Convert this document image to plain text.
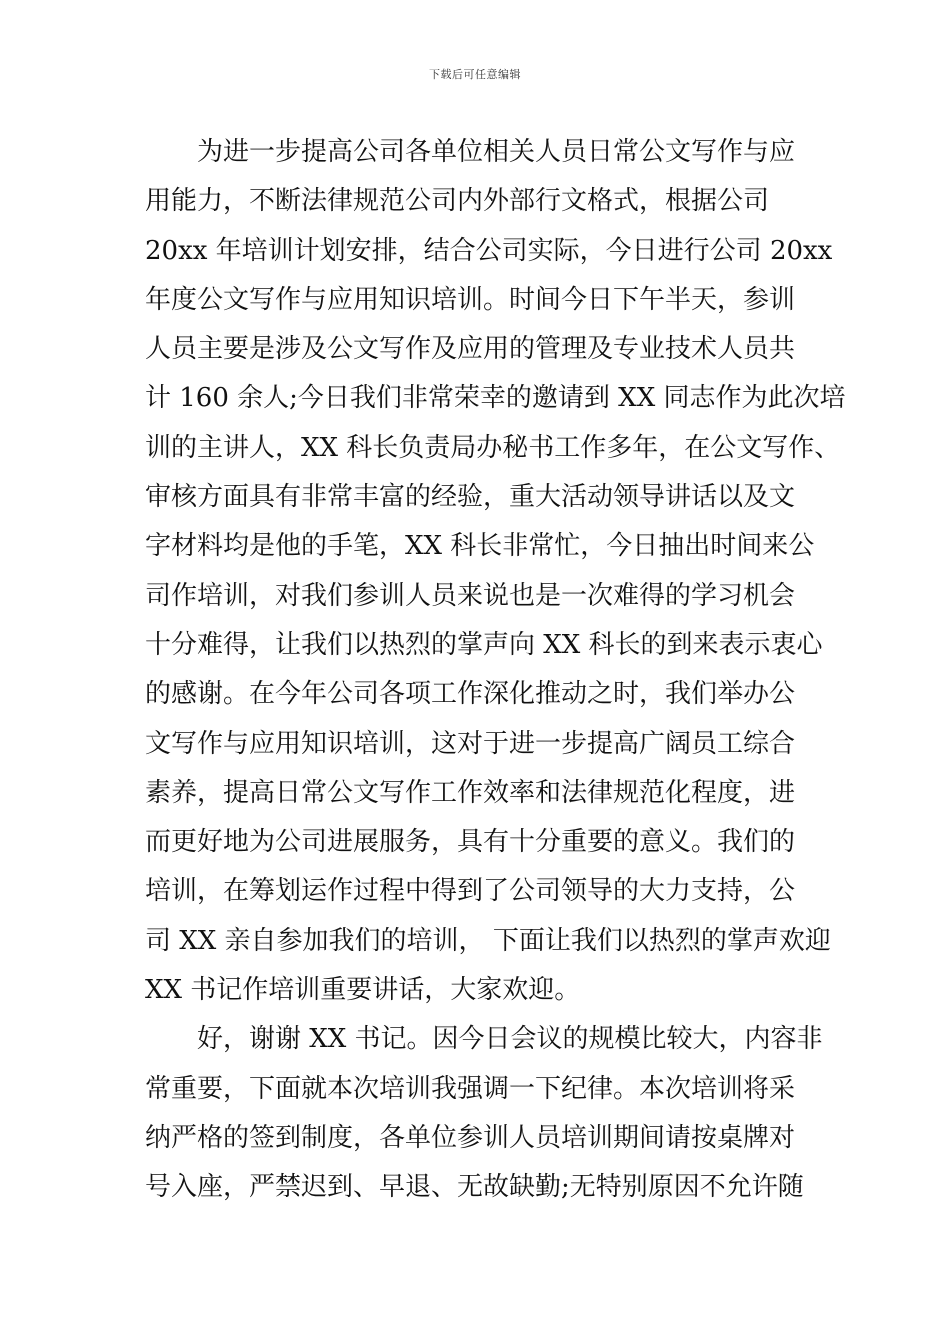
下载后可任意编辑
为进一步提高公司各单位相关人员日常公文写作与应
用能力，不断法律规范公司内外部行文格式，根据公司
20xx 年培训计划安排，结合公司实际，今日进行公司 20xx
年度公文写作与应用知识培训。时间今日下午半天，参训
人员主要是涉及公文写作及应用的管理及专业技术人员共
计 160 余人;今日我们非常荣幸的邀请到 XX 同志作为此次培
训的主讲人，XX 科长负责局办秘书工作多年，在公文写作、
审核方面具有非常丰富的经验，重大活动领导讲话以及文
字材料均是他的手笔，XX 科长非常忙，今日抽出时间来公
司作培训，对我们参训人员来说也是一次难得的学习机会
十分难得，让我们以热烈的掌声向 XX 科长的到来表示衷心
的感谢。在今年公司各项工作深化推动之时，我们举办公
文写作与应用知识培训，这对于进一步提高广阔员工综合
素养，提高日常公文写作工作效率和法律规范化程度，进
而更好地为公司进展服务，具有十分重要的意义。我们的
培训，在筹划运作过程中得到了公司领导的大力支持，公
司 XX 亲自参加我们的培训， 下面让我们以热烈的掌声欢迎
XX 书记作培训重要讲话，大家欢迎。
好，谢谢 XX 书记。因今日会议的规模比较大，内容非
常重要，下面就本次培训我强调一下纪律。本次培训将采
纳严格的签到制度，各单位参训人员培训期间请按桌牌对
号入座，严禁迟到、早退、无故缺勤;无特别原因不允许随
